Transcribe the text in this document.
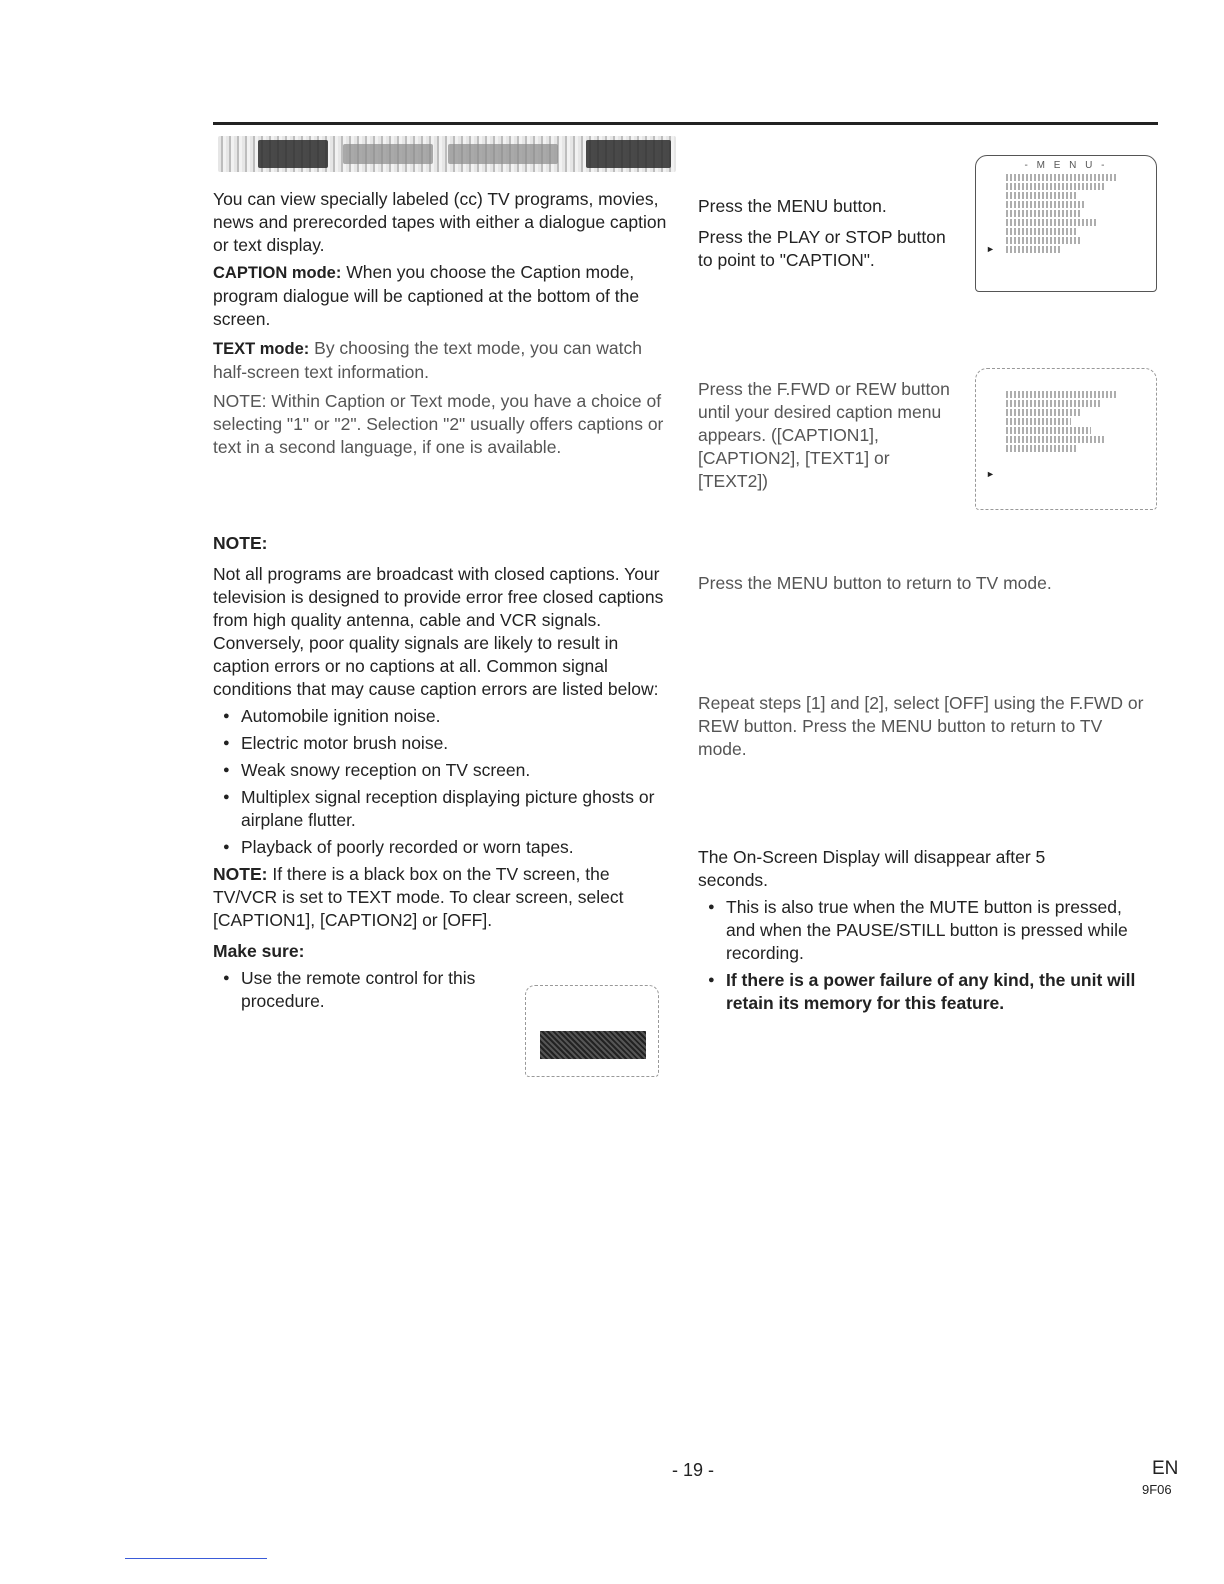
You can view specially labeled (cc) TV programs, movies, news and prerecorded tapes with either a dialogue caption or text display.

CAPTION mode: When you choose the Caption mode, program dialogue will be captioned at the bottom of the screen.

TEXT mode: By choosing the text mode, you can watch half-screen text information.

NOTE: Within Caption or Text mode, you have a choice of selecting "1" or "2". Selection "2" usually offers captions or text in a second language, if one is available.

NOTE:

Not all programs are broadcast with closed captions. Your television is designed to provide error free closed captions from high quality antenna, cable and VCR signals. Conversely, poor quality signals are likely to result in caption errors or no captions at all. Common signal conditions that may cause caption errors are listed below:

● Automobile ignition noise.
● Electric motor brush noise.
● Weak snowy reception on TV screen.
● Multiplex signal reception displaying picture ghosts or airplane flutter.
● Playback of poorly recorded or worn tapes.

NOTE: If there is a black box on the TV screen, the TV/VCR is set to TEXT mode. To clear screen, select [CAPTION1], [CAPTION2] or [OFF].

Make sure:

● Use the remote control for this procedure.

Press the MENU button.

Press the PLAY or STOP button to point to "CAPTION".

- M E N U -
►

Press the F.FWD or REW button until your desired caption menu appears. ([CAPTION1], [CAPTION2], [TEXT1] or [TEXT2])	►

Press the MENU button to return to TV mode.

Repeat steps [1] and [2], select [OFF] using the F.FWD or REW button. Press the MENU button to return to TV mode.

The On-Screen Display will disappear after 5 seconds.

● This is also true when the MUTE button is pressed, and when the PAUSE/STILL button is pressed while recording.
● If there is a power failure of any kind, the unit will retain its memory for this feature.
- 19 -	EN
9F06
